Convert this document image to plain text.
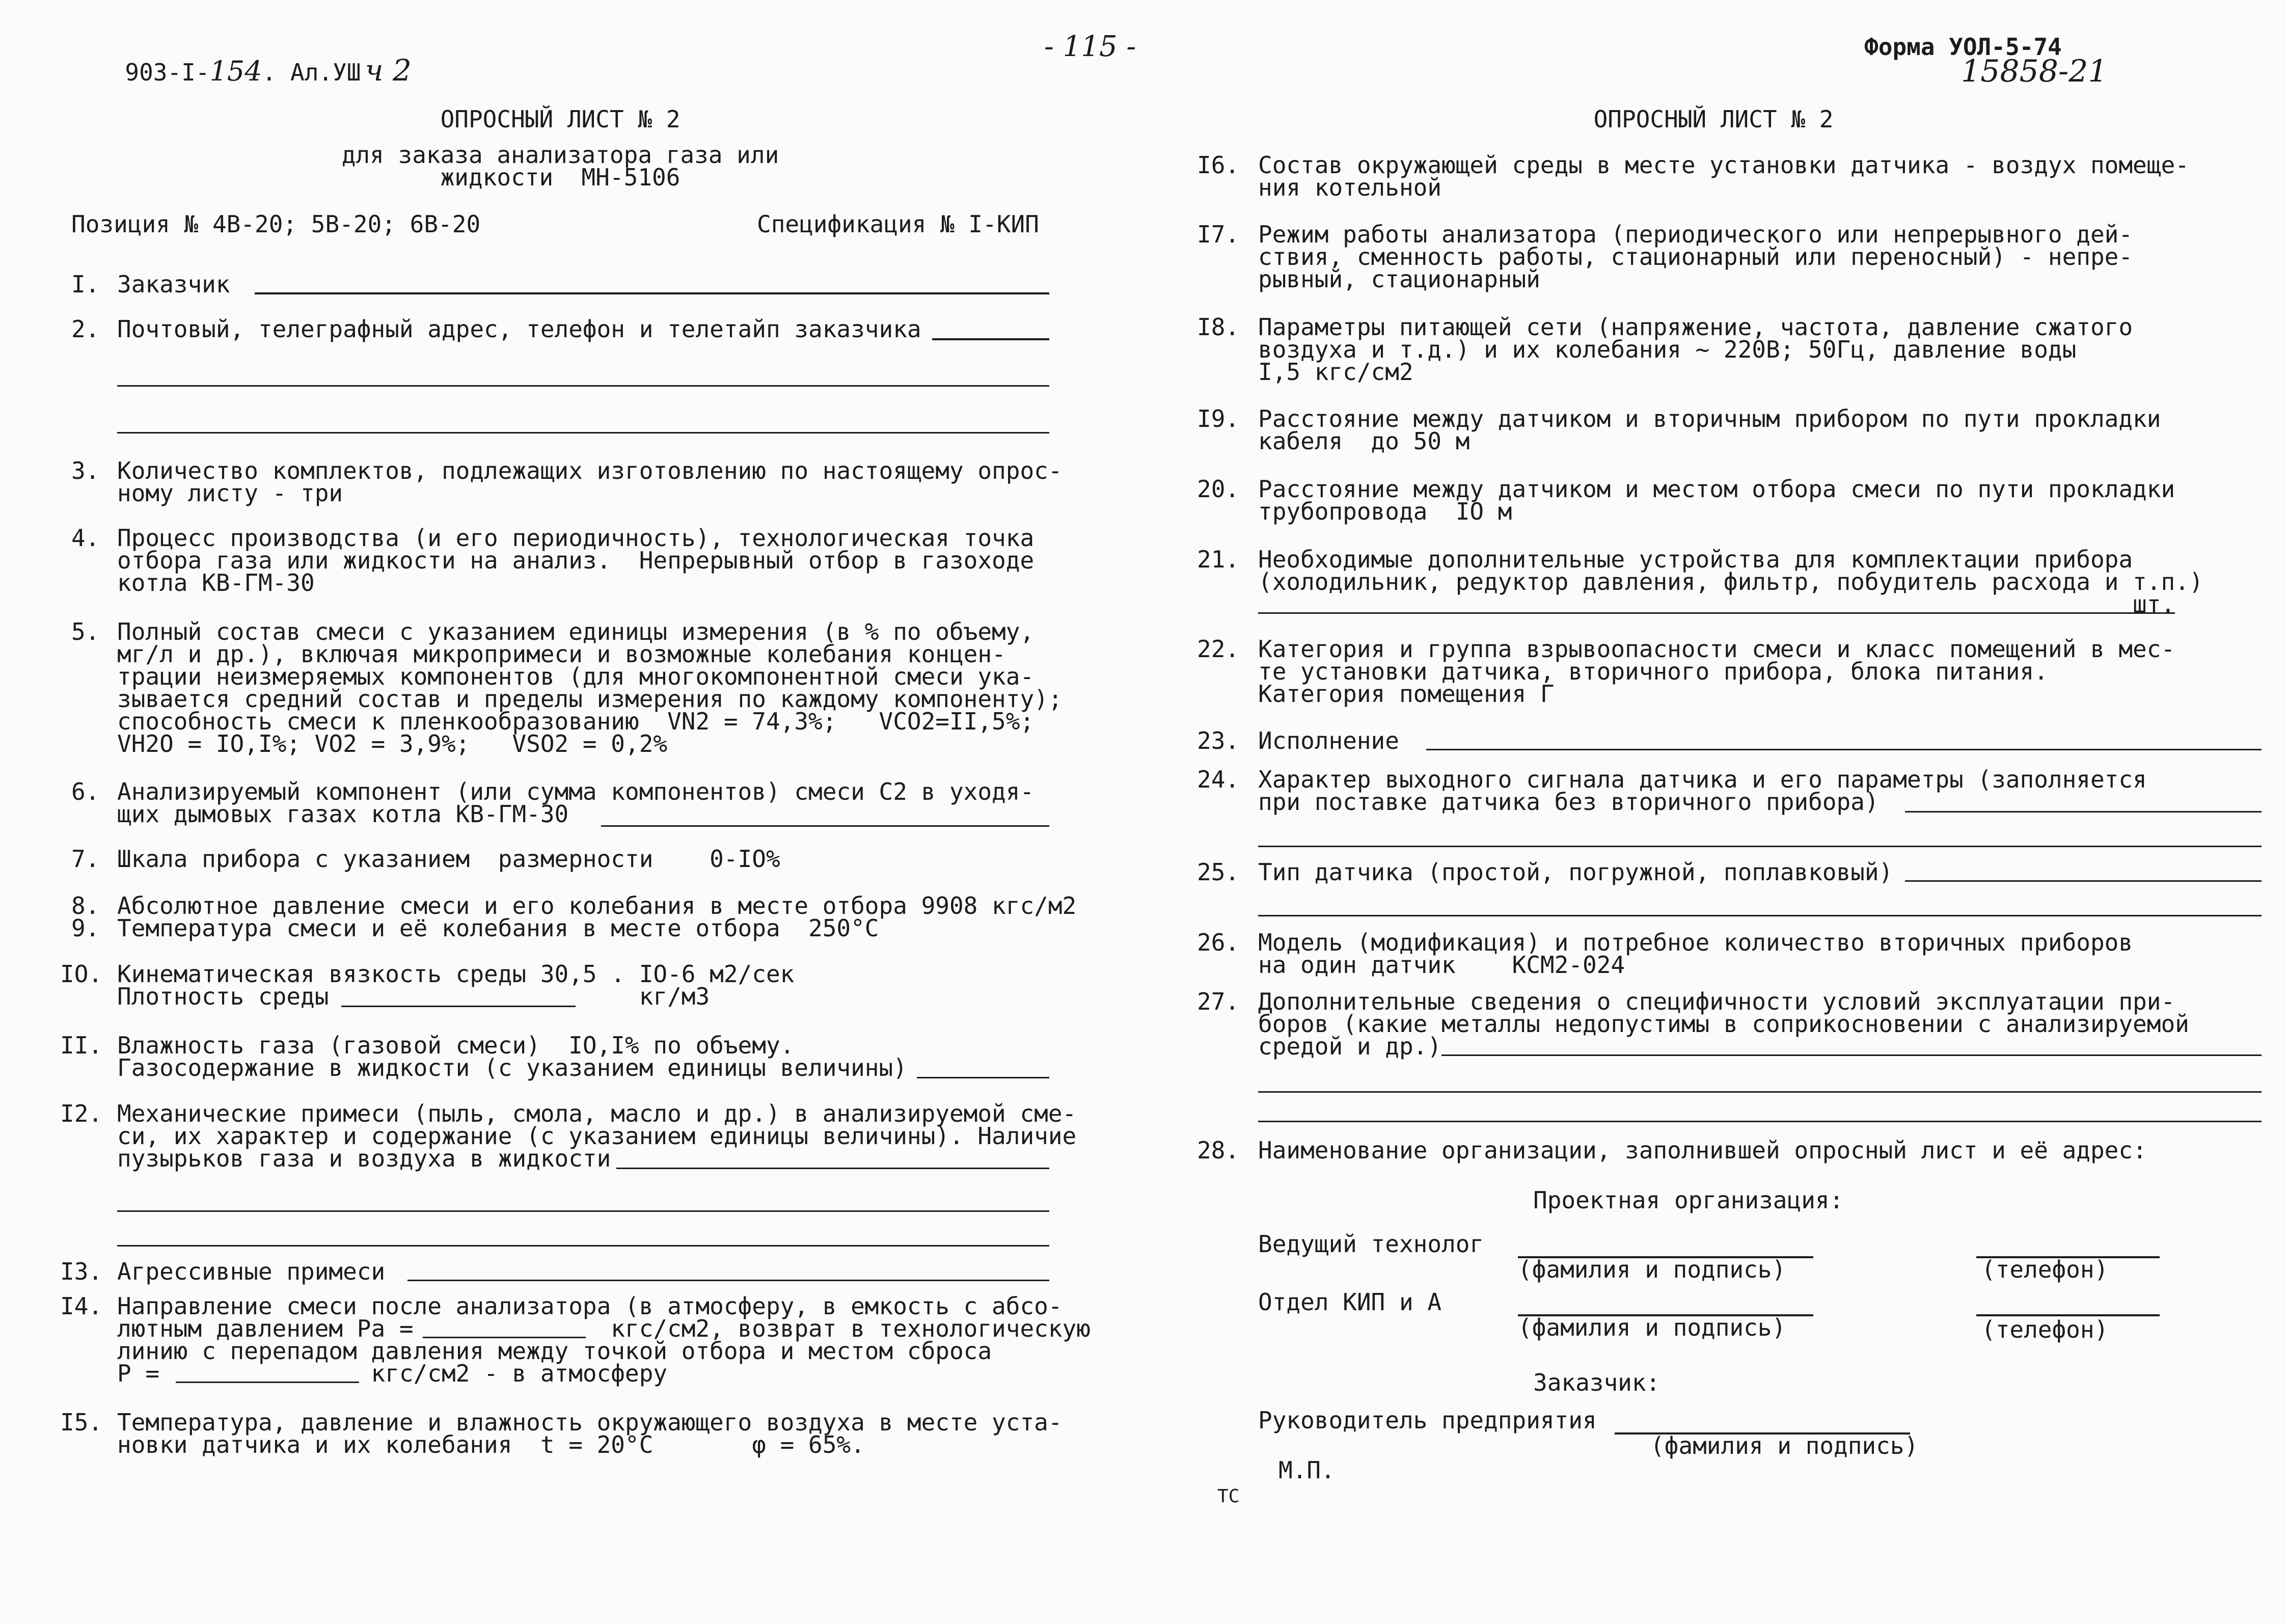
903-I-154. Ал.УШ ч 2

- 115 -	Форма УОЛ-5-74
15858-21
ОПРОСНЫЙ ЛИСТ № 2
для заказа анализатора газа или
жидкости  МН-5106
Позиция № 4В-20; 5В-20; 6В-20	Спецификация № I-КИП
I. Заказчик
2. Почтовый, телеграфный адрес, телефон и телетайп заказчика
3. Количество комплектов, подлежащих изготовлению по настоящему опрос-
ному листу - три
4. Процесс производства (и его периодичность), технологическая точка
отбора газа или жидкости на анализ.  Непрерывный отбор в газоходе
котла КВ-ГМ-30
5. Полный состав смеси с указанием единицы измерения (в % по объему,
мг/л и др.), включая микропримеси и возможные колебания концен-
трации неизмеряемых компонентов (для многокомпонентной смеси ука-
зывается средний состав и пределы измерения по каждому компоненту);
способность смеси к пленкообразованию  VN2 = 74,3%;   VCO2=II,5%;
VH2O = IO,I%; VO2 = 3,9%;   VSO2 = 0,2%
6. Анализируемый компонент (или сумма компонентов) смеси C2 в уходя-
щих дымовых газах котла КВ-ГМ-30
7. Шкала прибора с указанием  размерности    0-IO%
8. Абсолютное давление смеси и его колебания в месте отбора 9908 кгс/м2
9. Температура смеси и её колебания в месте отбора  250°С
IO. Кинематическая вязкость среды 30,5 . IO-6 м2/сек
Плотность среды                      кг/м3
II. Влажность газа (газовой смеси)  IO,I% по объему.
Газосодержание в жидкости (с указанием единицы величины)
I2. Механические примеси (пыль, смола, масло и др.) в анализируемой сме-
си, их характер и содержание (с указанием единицы величины). Наличие
пузырьков газа и воздуха в жидкости
I3. Агрессивные примеси
I4. Направление смеси после анализатора (в атмосферу, в емкость с абсо-
лютным давлением Ра =              кгс/см2, возврат в технологическую
линию с перепадом давления между точкой отбора и местом сброса
Р =               кгс/см2 - в атмосферу
I5. Температура, давление и влажность окружающего воздуха в месте уста-
новки датчика и их колебания  t = 20°С       φ = 65%.
ОПРОСНЫЙ ЛИСТ № 2
I6. Состав окружающей среды в месте установки датчика - воздух помеще-
ния котельной
I7. Режим работы анализатора (периодического или непрерывного дей-
ствия, сменность работы, стационарный или переносный) - непре-
рывный, стационарный
I8. Параметры питающей сети (напряжение, частота, давление сжатого
воздуха и т.д.) и их колебания ~ 220В; 50Гц, давление воды
I,5 кгс/см2
I9. Расстояние между датчиком и вторичным прибором по пути прокладки
кабеля  до 50 м
20. Расстояние между датчиком и местом отбора смеси по пути прокладки
трубопровода  IO м
21. Необходимые дополнительные устройства для комплектации прибора
(холодильник, редуктор давления, фильтр, побудитель расхода и т.п.)
шт.
22. Категория и группа взрывоопасности смеси и класс помещений в мес-
те установки датчика, вторичного прибора, блока питания.
Категория помещения Г
23. Исполнение
24. Характер выходного сигнала датчика и его параметры (заполняется
при поставке датчика без вторичного прибора)
25. Тип датчика (простой, погружной, поплавковый)
26. Модель (модификация) и потребное количество вторичных приборов
на один датчик    КСМ2-024
27. Дополнительные сведения о специфичности условий эксплуатации при-
боров (какие металлы недопустимы в соприкосновении с анализируемой
средой и др.)
28. Наименование организации, заполнившей опросный лист и её адрес:
Проектная организация:
Ведущий технолог
(фамилия и подпись)	(телефон)
Отдел КИП и А
(фамилия и подпись)	(телефон)
Заказчик:
Руководитель предприятия
(фамилия и подпись)
М.П.
ТС
